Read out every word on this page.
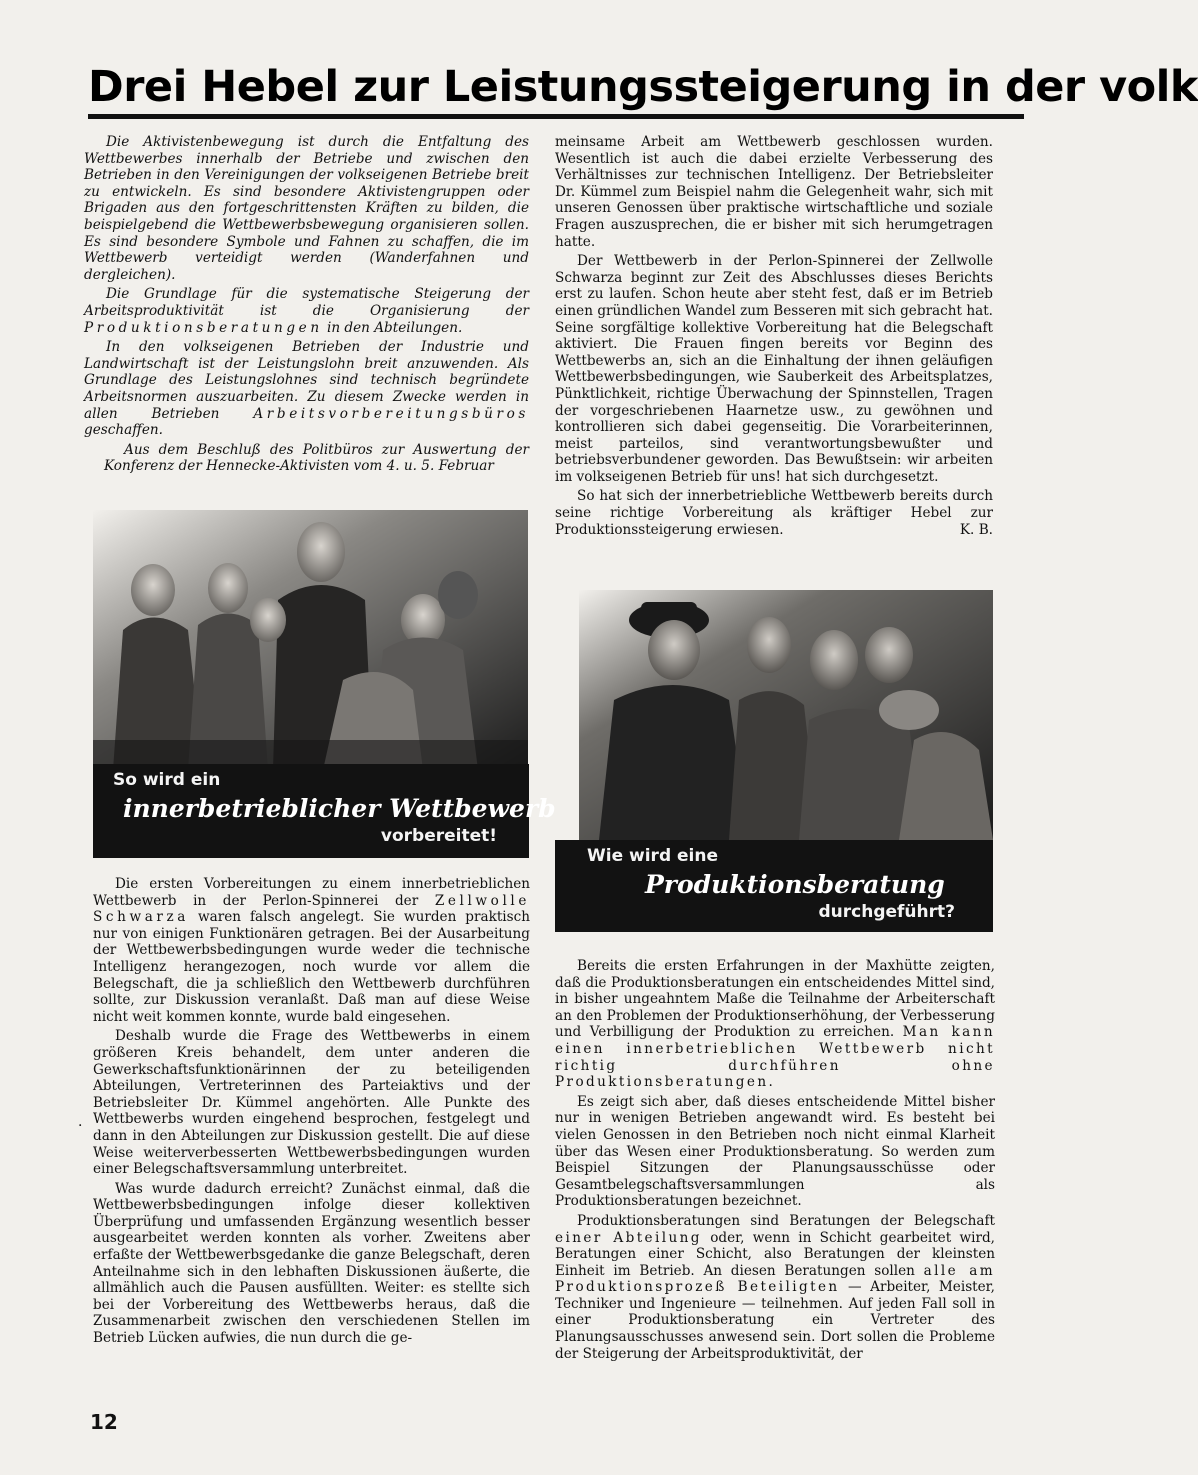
Drei Hebel zur Leistungssteigerung in der volk

Die Aktivistenbewegung ist durch die Entfaltung des Wettbewerbes innerhalb der Betriebe und zwischen den Betrieben in den Vereinigungen der volkseigenen Betriebe breit zu entwickeln. Es sind besondere Aktivistengruppen oder Brigaden aus den fortgeschrittensten Kräften zu bilden, die beispielgebend die Wettbewerbsbewegung organisieren sollen. Es sind besondere Symbole und Fahnen zu schaffen, die im Wettbewerb verteidigt werden (Wanderfahnen und dergleichen).

Die Grundlage für die systematische Steigerung der Arbeitsproduktivität ist die Organisierung der Produktionsberatungen in den Abteilungen.

In den volkseigenen Betrieben der Industrie und Landwirtschaft ist der Leistungslohn breit anzuwenden. Als Grundlage des Leistungslohnes sind technisch begründete Arbeitsnormen auszuarbeiten. Zu diesem Zwecke werden in allen Betrieben Arbeitsvorbereitungsbüros geschaffen.

Aus dem Beschluß des Politbüros zur Auswertung der Konferenz der Hennecke-Aktivisten vom 4. u. 5. Februar

meinsame Arbeit am Wettbewerb geschlossen wurden. Wesentlich ist auch die dabei erzielte Verbesserung des Verhältnisses zur technischen Intelligenz. Der Betriebsleiter Dr. Kümmel zum Beispiel nahm die Gelegenheit wahr, sich mit unseren Genossen über praktische wirtschaftliche und soziale Fragen auszusprechen, die er bisher mit sich herumgetragen hatte.

Der Wettbewerb in der Perlon-Spinnerei der Zellwolle Schwarza beginnt zur Zeit des Abschlusses dieses Berichts erst zu laufen. Schon heute aber steht fest, daß er im Betrieb einen gründlichen Wandel zum Besseren mit sich gebracht hat. Seine sorgfältige kollektive Vorbereitung hat die Belegschaft aktiviert. Die Frauen fingen bereits vor Beginn des Wettbewerbs an, sich an die Einhaltung der ihnen geläufigen Wettbewerbsbedingungen, wie Sauberkeit des Arbeitsplatzes, Pünktlichkeit, richtige Überwachung der Spinnstellen, Tragen der vorgeschriebenen Haarnetze usw., zu gewöhnen und kontrollieren sich dabei gegenseitig. Die Vorarbeiterinnen, meist parteilos, sind verantwortungsbewußter und betriebsverbundener geworden. Das Bewußtsein: wir arbeiten im volkseigenen Betrieb für uns! hat sich durchgesetzt.

So hat sich der innerbetriebliche Wettbewerb bereits durch seine richtige Vorbereitung als kräftiger Hebel zur Produktionssteigerung erwiesen.	K. B.

So wird ein
innerbetrieblicher Wettbewerb
vorbereitet!
Wie wird eine
Produktionsberatung
durchgeführt?

Die ersten Vorbereitungen zu einem innerbetrieblichen Wettbewerb in der Perlon-Spinnerei der Zellwolle Schwarza waren falsch angelegt. Sie wurden praktisch nur von einigen Funktionären getragen. Bei der Ausarbeitung der Wettbewerbsbedingungen wurde weder die technische Intelligenz herangezogen, noch wurde vor allem die Belegschaft, die ja schließlich den Wettbewerb durchführen sollte, zur Diskussion veranlaßt. Daß man auf diese Weise nicht weit kommen konnte, wurde bald eingesehen.

Deshalb wurde die Frage des Wettbewerbs in einem größeren Kreis behandelt, dem unter anderen die Gewerkschaftsfunktionärinnen der zu beteiligenden Abteilungen, Vertreterinnen des Parteiaktivs und der Betriebsleiter Dr. Kümmel angehörten. Alle Punkte des Wettbewerbs wurden eingehend besprochen, festgelegt und dann in den Abteilungen zur Diskussion gestellt. Die auf diese Weise weiterverbesserten Wettbewerbsbedingungen wurden einer Belegschaftsversammlung unterbreitet.

Was wurde dadurch erreicht? Zunächst einmal, daß die Wettbewerbsbedingungen infolge dieser kollektiven Überprüfung und umfassenden Ergänzung wesentlich besser ausgearbeitet werden konnten als vorher. Zweitens aber erfaßte der Wettbewerbsgedanke die ganze Belegschaft, deren Anteilnahme sich in den lebhaften Diskussionen äußerte, die allmählich auch die Pausen ausfüllten. Weiter: es stellte sich bei der Vorbereitung des Wettbewerbs heraus, daß die Zusammenarbeit zwischen den verschiedenen Stellen im Betrieb Lücken aufwies, die nun durch die ge-

·

Bereits die ersten Erfahrungen in der Maxhütte zeigten, daß die Produktionsberatungen ein entscheidendes Mittel sind, in bisher ungeahntem Maße die Teilnahme der Arbeiterschaft an den Problemen der Produktionserhöhung, der Verbesserung und Verbilligung der Produktion zu erreichen. Man kann einen innerbetrieblichen Wettbewerb nicht richtig durchführen ohne Produktionsberatungen.

Es zeigt sich aber, daß dieses entscheidende Mittel bisher nur in wenigen Betrieben angewandt wird. Es besteht bei vielen Genossen in den Betrieben noch nicht einmal Klarheit über das Wesen einer Produktionsberatung. So werden zum Beispiel Sitzungen der Planungsausschüsse oder Gesamtbelegschaftsversammlungen als Produktionsberatungen bezeichnet.

Produktionsberatungen sind Beratungen der Belegschaft einer Abteilung oder, wenn in Schicht gearbeitet wird, Beratungen einer Schicht, also Beratungen der kleinsten Einheit im Betrieb. An diesen Beratungen sollen alle am Produktionsprozeß Beteiligten — Arbeiter, Meister, Techniker und Ingenieure — teilnehmen. Auf jeden Fall soll in einer Produktionsberatung ein Vertreter des Planungsausschusses anwesend sein. Dort sollen die Probleme der Steigerung der Arbeitsproduktivität, der

12
